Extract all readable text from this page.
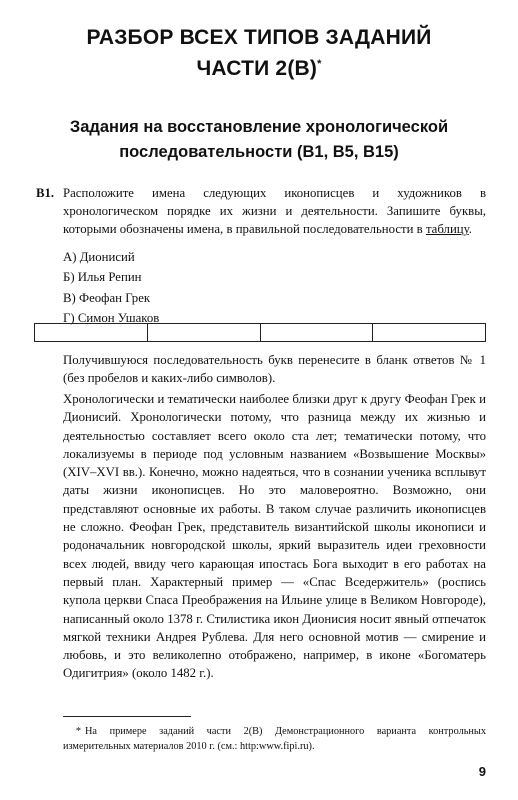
РАЗБОР ВСЕХ ТИПОВ ЗАДАНИЙ
ЧАСТИ 2(В)*
Задания на восстановление хронологической
последовательности (B1, B5, B15)
B1. Расположите имена следующих иконописцев и художников в хронологическом порядке их жизни и деятельности. Запишите буквы, которыми обозначены имена, в правильной последовательности в таблицу.
А) Дионисий
Б) Илья Репин
В) Феофан Грек
Г) Симон Ушаков

Получившуюся последовательность букв перенесите в бланк ответов № 1 (без пробелов и каких-либо символов).

Хронологически и тематически наиболее близки друг к другу Феофан Грек и Дионисий. Хронологически потому, что разница между их жизнью и деятельностью составляет всего около ста лет; тематически потому, что локализуемы в периоде под условным названием «Возвышение Москвы» (XIV–XVI вв.). Конечно, можно надеяться, что в сознании ученика всплывут даты жизни иконописцев. Но это маловероятно. Возможно, они представляют основные их работы. В таком случае различить иконописцев не сложно. Феофан Грек, представитель византийской школы иконописи и родоначальник новгородской школы, яркий выразитель идеи греховности всех людей, ввиду чего карающая ипостась Бога выходит в его работах на первый план. Характерный пример — «Спас Вседержитель» (роспись купола церкви Спаса Преображения на Ильине улице в Великом Новгороде), написанный около 1378 г. Стилистика икон Дионисия носит явный отпечаток мягкой техники Андрея Рублева. Для него основной мотив — смирение и любовь, и это великолепно отображено, например, в иконе «Богоматерь Одигитрия» (около 1482 г.).

* На примере заданий части 2(В) Демонстрационного варианта контрольных измерительных материалов 2010 г. (см.: http:www.fipi.ru).
9
